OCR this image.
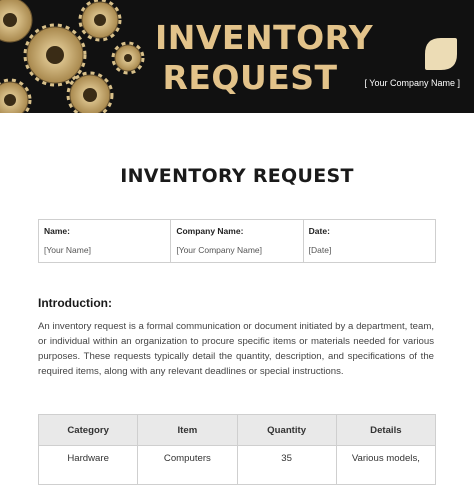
INVENTORY
REQUEST	[ Your Company Name ]
INVENTORY REQUEST
Name:
[Your Name]
Company Name:
[Your Company Name]
Date:
[Date]
Introduction:
An inventory request is a formal communication or document initiated by a department, team, or individual within an organization to procure specific items or materials needed for various purposes. These requests typically detail the quantity, description, and specifications of the required items, along with any relevant deadlines or special instructions.
Category	Item	Quantity	Details
Hardware	Computers	35	Various models,
